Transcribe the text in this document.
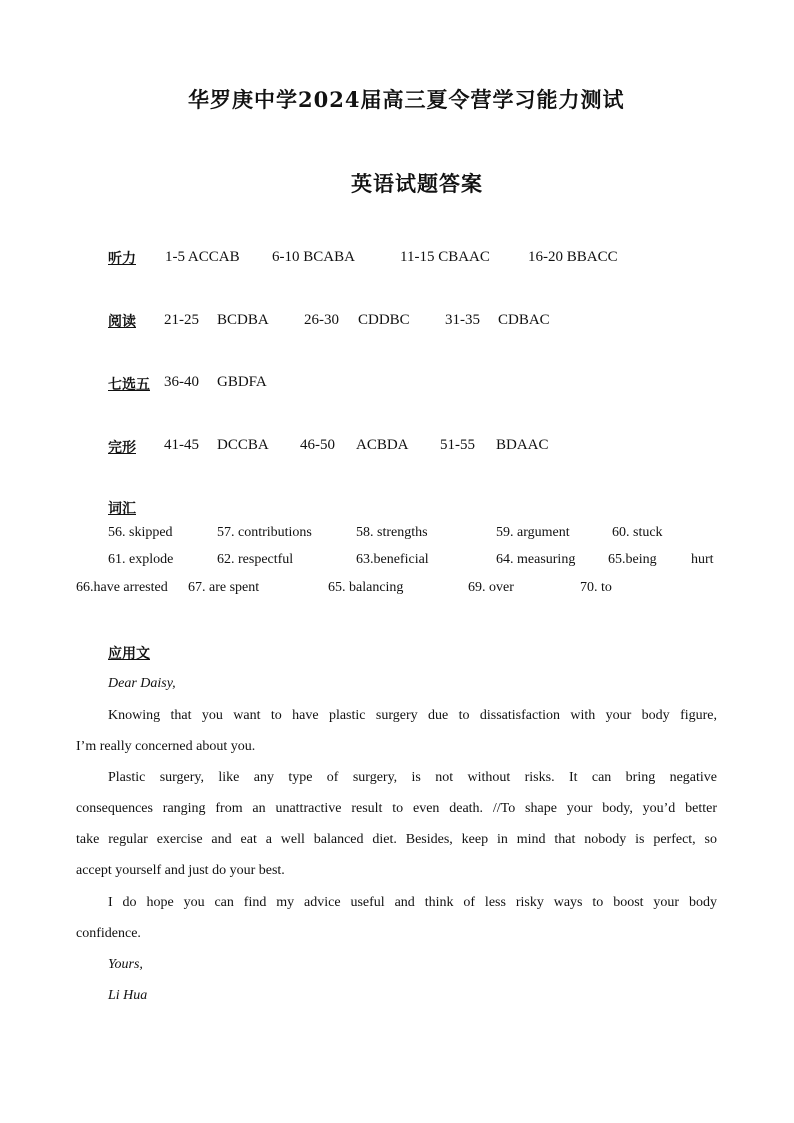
华罗庚中学2024届高三夏令营学习能力测试
英语试题答案
听力 1-5 ACCAB 6-10 BCABA	11-15 CBAAC	16-20 BBACC
阅读 21-25 BCDBA 26-30 CDDBC 31-35 CDBAC
七选五 36-40 GBDFA
完形 41-45 DCCBA 46-50 ACBDA 51-55 BDAAC
词汇
56. skipped	57. contributions	58. strengths	59. argument	60. stuck
61. explode	62. respectful	63.beneficial	64. measuring 65.being hurt
66.have arrested 67. are spent	65. balancing	69. over	70. to
应用文
Dear Daisy,
Knowing that you want to have plastic surgery due to dissatisfaction with your body figure,
I’m really concerned about you.
Plastic surgery, like any type of surgery, is not without risks. It can bring negative
consequences ranging from an unattractive result to even death. //To shape your body, you’d better
take regular exercise and eat a well balanced diet. Besides, keep in mind that nobody is perfect, so
accept yourself and just do your best.
I do hope you can find my advice useful and think of less risky ways to boost your body
confidence.
Yours,
Li Hua
